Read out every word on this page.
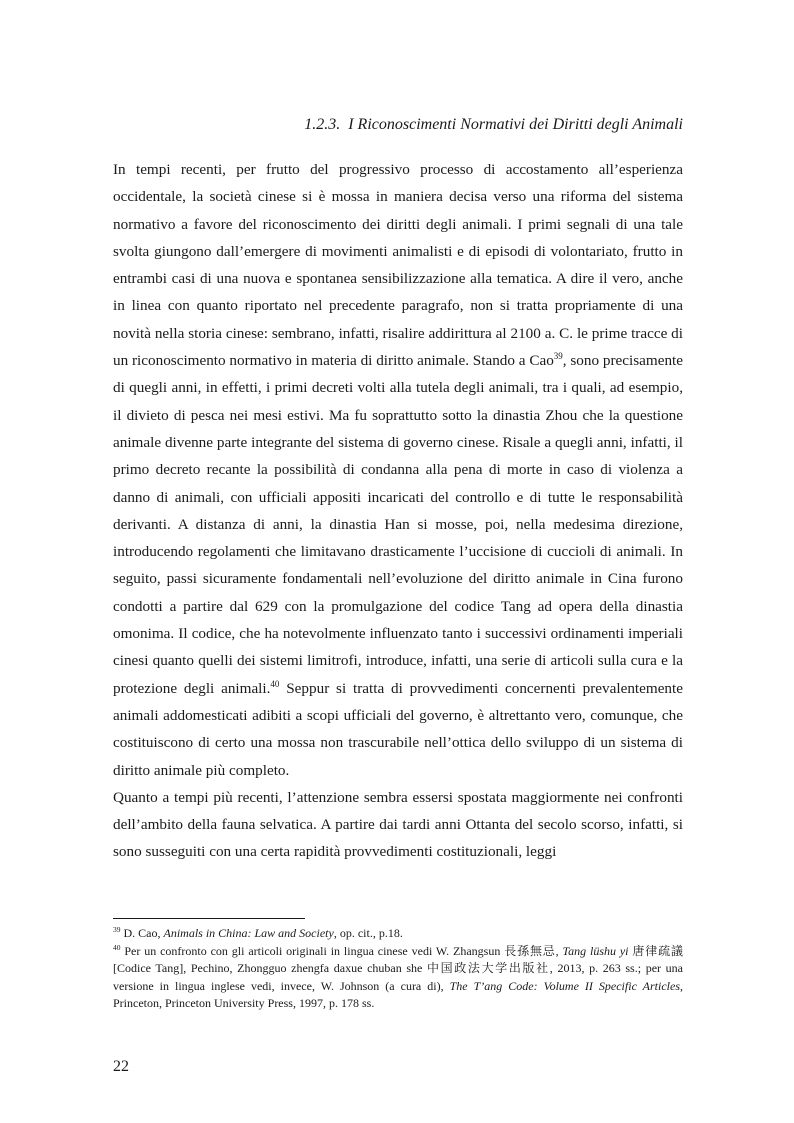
1.2.3. I Riconoscimenti Normativi dei Diritti degli Animali

In tempi recenti, per frutto del progressivo processo di accostamento all’esperienza occidentale, la società cinese si è mossa in maniera decisa verso una riforma del sistema normativo a favore del riconoscimento dei diritti degli animali. I primi segnali di una tale svolta giungono dall’emergere di movimenti animalisti e di episodi di volontariato, frutto in entrambi casi di una nuova e spontanea sensibilizzazione alla tematica. A dire il vero, anche in linea con quanto riportato nel precedente paragrafo, non si tratta propriamente di una novità nella storia cinese: sembrano, infatti, risalire addirittura al 2100 a. C. le prime tracce di un riconoscimento normativo in materia di diritto animale. Stando a Cao$^{39}$, sono precisamente di quegli anni, in effetti, i primi decreti volti alla tutela degli animali, tra i quali, ad esempio, il divieto di pesca nei mesi estivi. Ma fu soprattutto sotto la dinastia Zhou che la questione animale divenne parte integrante del sistema di governo cinese. Risale a quegli anni, infatti, il primo decreto recante la possibilità di condanna alla pena di morte in caso di violenza a danno di animali, con ufficiali appositi incaricati del controllo e di tutte le responsabilità derivanti. A distanza di anni, la dinastia Han si mosse, poi, nella medesima direzione, introducendo regolamenti che limitavano drasticamente l’uccisione di cuccioli di animali. In seguito, passi sicuramente fondamentali nell’evoluzione del diritto animale in Cina furono condotti a partire dal 629 con la promulgazione del codice Tang ad opera della dinastia omonima. Il codice, che ha notevolmente influenzato tanto i successivi ordinamenti imperiali cinesi quanto quelli dei sistemi limitrofi, introduce, infatti, una serie di articoli sulla cura e la protezione degli animali.$^{40}$ Seppur si tratta di provvedimenti concernenti prevalentemente animali addomesticati adibiti a scopi ufficiali del governo, è altrettanto vero, comunque, che costituiscono di certo una mossa non trascurabile nell’ottica dello sviluppo di un sistema di diritto animale più completo.

Quanto a tempi più recenti, l’attenzione sembra essersi spostata maggiormente nei confronti dell’ambito della fauna selvatica. A partire dai tardi anni Ottanta del secolo scorso, infatti, si sono susseguiti con una certa rapidità provvedimenti costituzionali, leggi

$^{39}$ D. Cao, Animals in China: Law and Society, op. cit., p.18.

$^{40}$ Per un confronto con gli articoli originali in lingua cinese vedi W. Zhangsun 長孫無忌, Tang lüshu yi 唐律疏議 [Codice Tang], Pechino, Zhongguo zhengfa daxue chuban she 中国政法大学出版社, 2013, p. 263 ss.; per una versione in lingua inglese vedi, invece, W. Johnson (a cura di), The T’ang Code: Volume II Specific Articles, Princeton, Princeton University Press, 1997, p. 178 ss.

22
